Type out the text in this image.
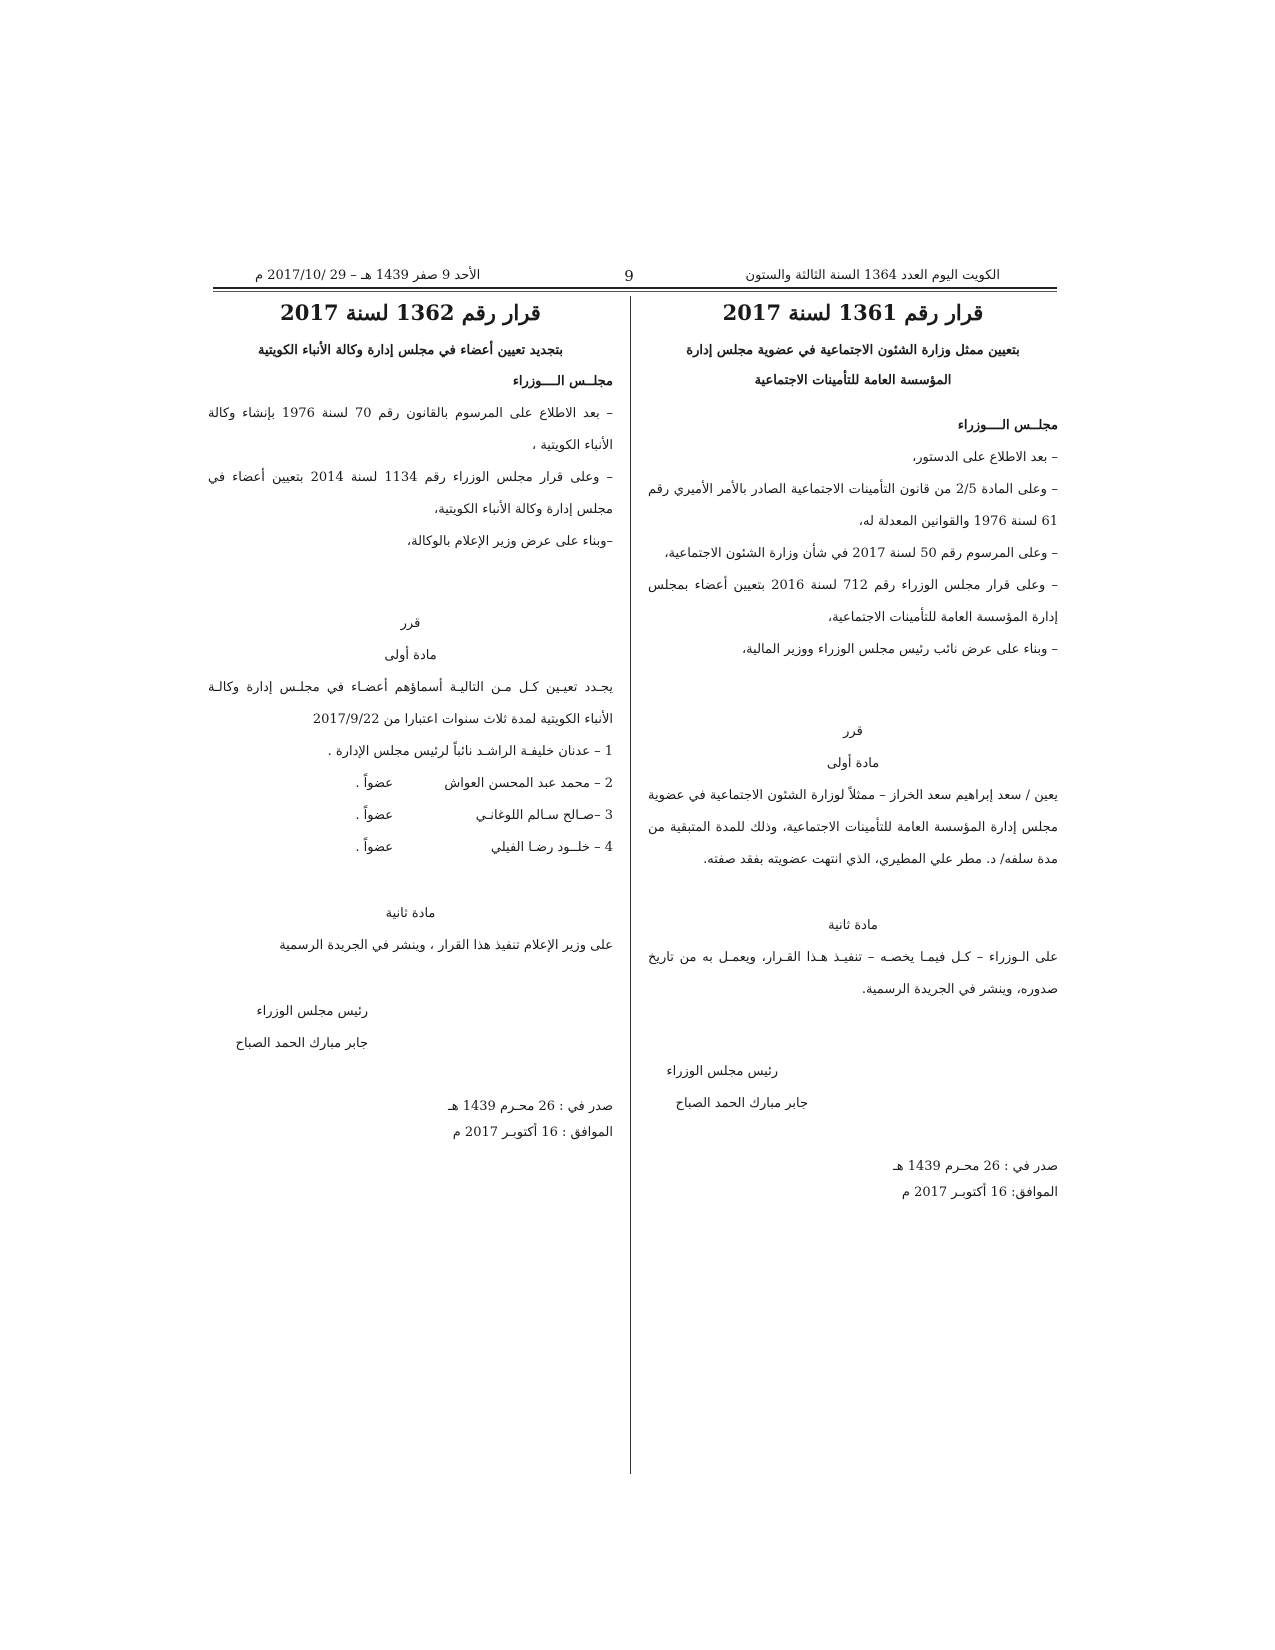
الكويت اليوم العدد 1364 السنة الثالثة والستون
9
الأحد 9 صفر 1439 هـ – 29 /2017/10 م
قرار رقم 1361 لسنة 2017
بتعيين ممثل وزارة الشئون الاجتماعية في عضوية مجلس إدارة
المؤسسة العامة للتأمينات الاجتماعية
مجلــس الــــوزراء

– بعد الاطلاع على الدستور،

– وعلى المادة 2/5 من قانون التأمينات الاجتماعية الصادر بالأمر الأميري رقم 61 لسنة 1976 والقوانين المعدلة له،

– وعلى المرسوم رقم 50 لسنة 2017 في شأن وزارة الشئون الاجتماعية،

– وعلى قرار مجلس الوزراء رقم 712 لسنة 2016 بتعيين أعضاء بمجلس إدارة المؤسسة العامة للتأمينات الاجتماعية،

– وبناء على عرض نائب رئيس مجلس الوزراء ووزير المالية،

قرر
مادة أولى

يعين / سعد إبراهيم سعد الخراز – ممثلاً لوزارة الشئون الاجتماعية في عضوية مجلس إدارة المؤسسة العامة للتأمينات الاجتماعية، وذلك للمدة المتبقية من مدة سلفه/ د. مطر علي المطيري، الذي انتهت عضويته بفقد صفته.

مادة ثانية

على الـوزراء – كـل فيمـا يخصـه – تنفيـذ هـذا القـرار، ويعمـل به من تاريخ صدوره، وينشر في الجريدة الرسمية.

رئيس مجلس الوزراء
جابر مبارك الحمد الصباح
صدر في : 26 محـرم 1439 هـ
الموافق: 16 أكتوبـر 2017 م
قرار رقم 1362 لسنة 2017
بتجديد تعيين أعضاء في مجلس إدارة وكالة الأنباء الكويتية
مجلــس الــــوزراء

– بعد الاطلاع على المرسوم بالقانون رقم 70 لسنة 1976 بإنشاء وكالة الأنباء الكويتية ،

– وعلى قرار مجلس الوزراء رقم 1134 لسنة 2014 بتعيين أعضاء في مجلس إدارة وكالة الأنباء الكويتية،

–وبناء على عرض وزير الإعلام بالوكالة،

قرر
مادة أولى

يجـدد تعيـين كـل مـن التاليـة أسماؤهم أعضـاء في مجلـس إدارة وكالـة الأنباء الكويتية لمدة ثلاث سنوات اعتبارا من 2017/9/22

1 – عدنان خليفـة الراشـد نائباً لرئيس مجلس الإدارة .
2 – محمد عبد المحسن العواش
عضواً .
3 –صـالح سـالم اللوغانـي
عضواً .
4 – خلــود رضـا الفيلي
عضواً .
مادة ثانية

على وزير الإعلام تنفيذ هذا القرار ، وينشر في الجريدة الرسمية

رئيس مجلس الوزراء
جابر مبارك الحمد الصباح
صدر في : 26 محـرم 1439 هـ
الموافق : 16 أكتوبـر 2017 م
